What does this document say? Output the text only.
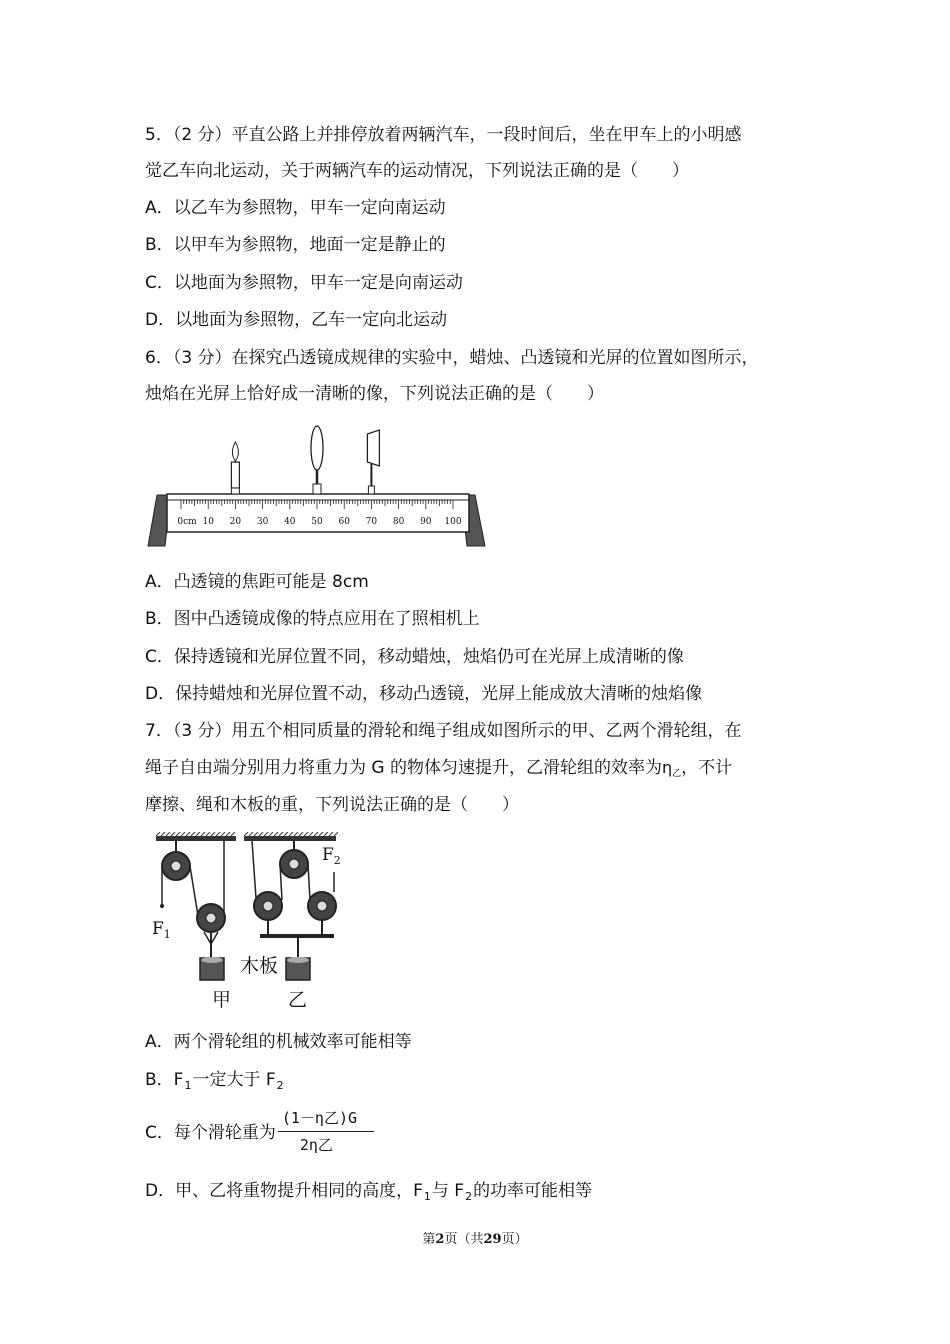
5．（2 分）平直公路上并排停放着两辆汽车，一段时间后，坐在甲车上的小明感
觉乙车向北运动，关于两辆汽车的运动情况，下列说法正确的是（　　）
A．以乙车为参照物，甲车一定向南运动
B．以甲车为参照物，地面一定是静止的
C．以地面为参照物，甲车一定是向南运动
D．以地面为参照物，乙车一定向北运动
6．（3 分）在探究凸透镜成规律的实验中，蜡烛、凸透镜和光屏的位置如图所示，
烛焰在光屏上恰好成一清晰的像，下列说法正确的是（　　）
0cm 10 20 30 40 50 60 70 80 90 100
A．凸透镜的焦距可能是 8cm
B．图中凸透镜成像的特点应用在了照相机上
C．保持透镜和光屏位置不同，移动蜡烛，烛焰仍可在光屏上成清晰的像
D．保持蜡烛和光屏位置不动，移动凸透镜，光屏上能成放大清晰的烛焰像
7．（3 分）用五个相同质量的滑轮和绳子组成如图所示的甲、乙两个滑轮组，在
绳子自由端分别用力将重力为 G 的物体匀速提升，乙滑轮组的效率为η乙，不计
摩擦、绳和木板的重，下列说法正确的是（　　）
$F_1$
$F_2$
木板
甲	乙
A．两个滑轮组的机械效率可能相等
B．$F_1$一定大于 $F_2$
C．每个滑轮重为 $\frac{\text{(1－η乙)G}}{\text{2η乙}}$
D．甲、乙将重物提升相同的高度，$F_1$与 $F_2$的功率可能相等
第2页（共29页）
